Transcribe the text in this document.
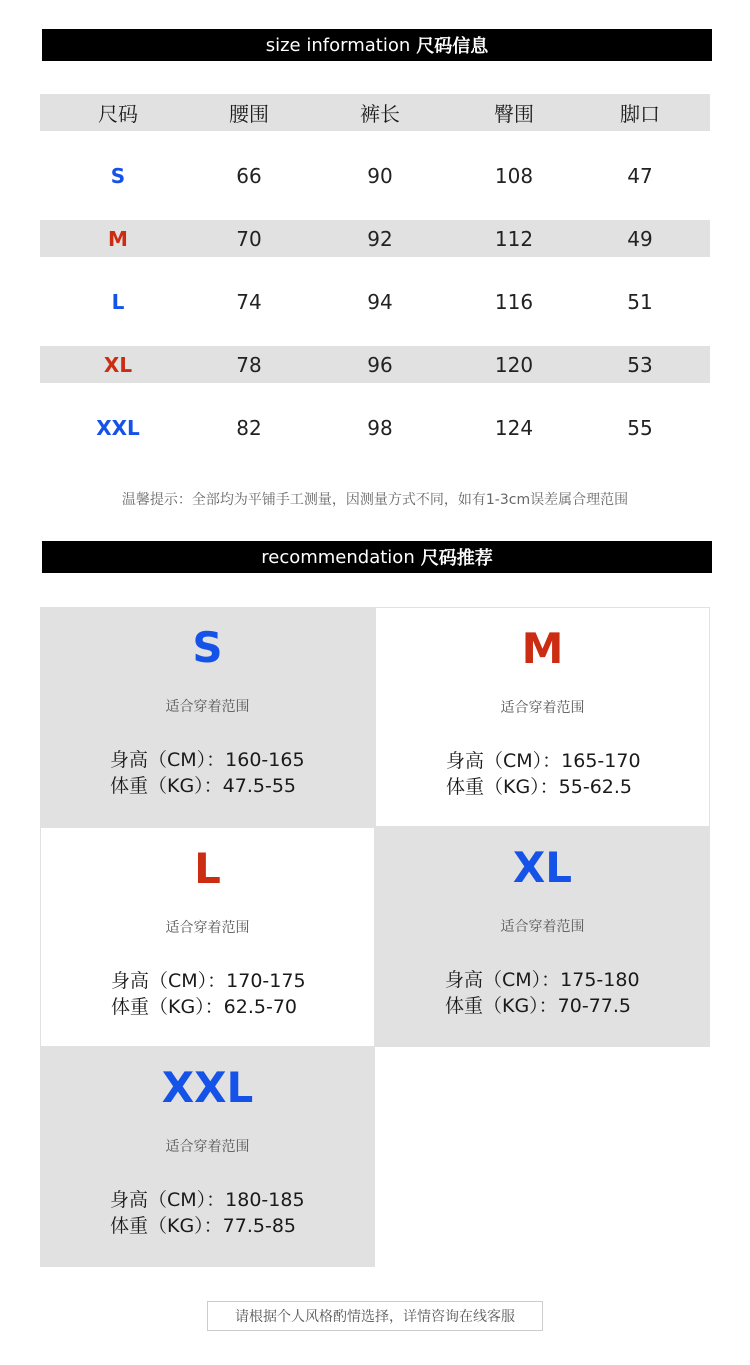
size information 尺码信息
尺码	腰围	裤长	臀围	脚口
S	66	90	108	47
M	70	92	112	49
L	74	94	116	51
XL	78	96	120	53
XXL	82	98	124	55
温馨提示：全部均为平铺手工测量，因测量方式不同，如有1-3cm误差属合理范围
recommendation 尺码推荐
S
适合穿着范围
身高（CM）：160-165
体重（KG）：47.5-55
M
适合穿着范围
身高（CM）：165-170
体重（KG）：55-62.5
L
适合穿着范围
身高（CM）：170-175
体重（KG）：62.5-70
XL
适合穿着范围
身高（CM）：175-180
体重（KG）：70-77.5
XXL
适合穿着范围
身高（CM）：180-185
体重（KG）：77.5-85
请根据个人风格酌情选择，详情咨询在线客服
